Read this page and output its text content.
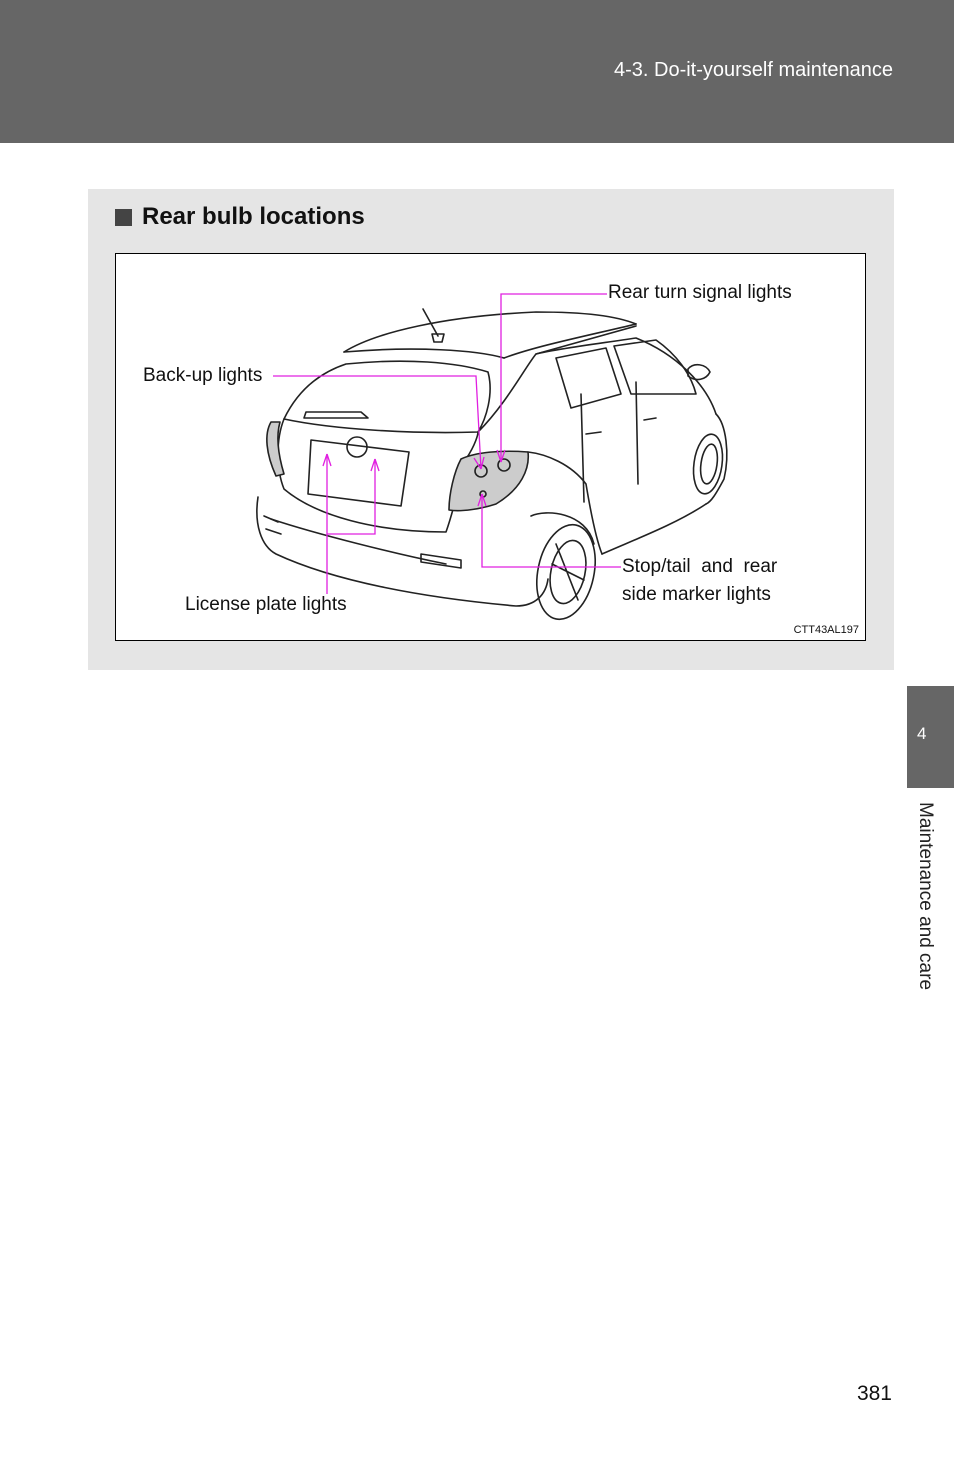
4-3. Do-it-yourself maintenance
Rear bulb locations
Rear turn signal lights
Back-up lights
Stop/tail  and  rear
side marker lights
License plate lights
CTT43AL197
4
Maintenance and care
381
